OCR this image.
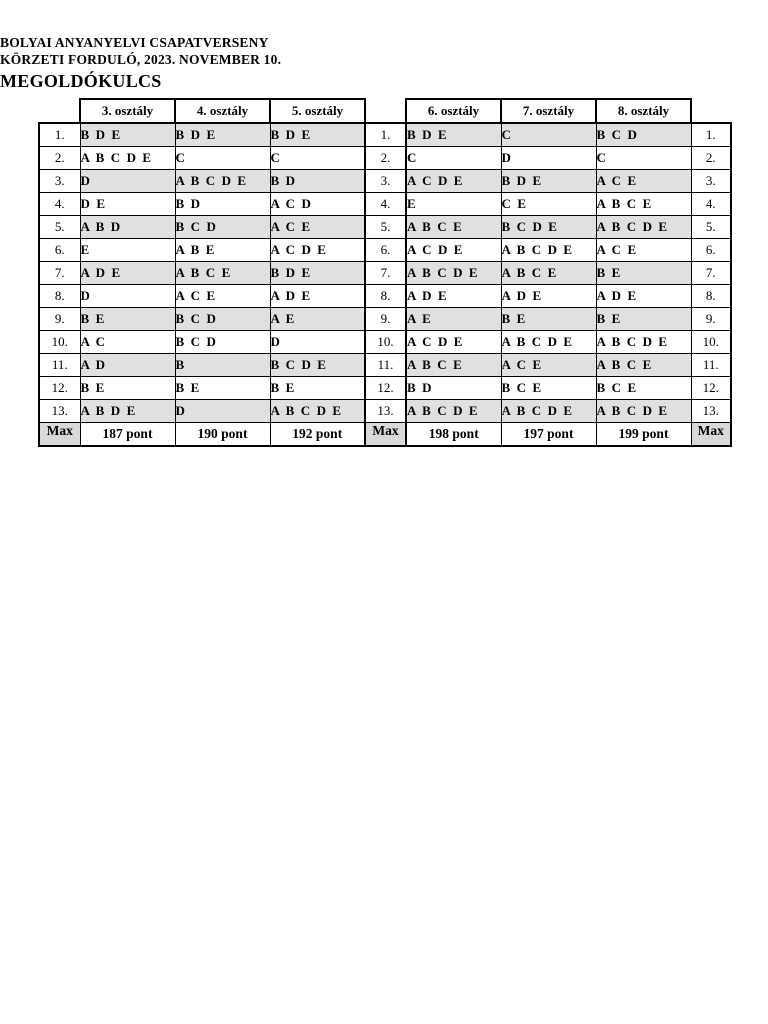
BOLYAI ANYANYELVI CSAPATVERSENY
KÖRZETI FORDULÓ, 2023. NOVEMBER 10.
MEGOLDÓKULCS
	3. osztály	4. osztály	5. osztály		6. osztály	7. osztály	8. osztály	
1.	B D E	B D E	B D E	1.	B D E	C	B C D	1.
2.	A B C D E	C	C	2.	C	D	C	2.
3.	D	A B C D E	B D	3.	A C D E	B D E	A C E	3.
4.	D E	B D	A C D	4.	E	C E	A B C E	4.
5.	A B D	B C D	A C E	5.	A B C E	B C D E	A B C D E	5.
6.	E	A B E	A C D E	6.	A C D E	A B C D E	A C E	6.
7.	A D E	A B C E	B D E	7.	A B C D E	A B C E	B E	7.
8.	D	A C E	A D E	8.	A D E	A D E	A D E	8.
9.	B E	B C D	A E	9.	A E	B E	B E	9.
10.	A C	B C D	D	10.	A C D E	A B C D E	A B C D E	10.
11.	A D	B	B C D E	11.	A B C E	A C E	A B C E	11.
12.	B E	B E	B E	12.	B D	B C E	B C E	12.
13.	A B D E	D	A B C D E	13.	A B C D E	A B C D E	A B C D E	13.
Max	187 pont	190 pont	192 pont	Max	198 pont	197 pont	199 pont	Max
